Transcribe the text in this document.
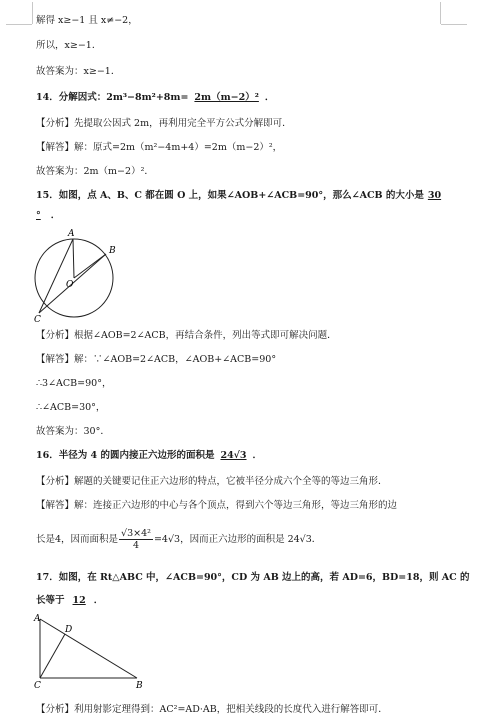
解得 x≥−1 且 x≠−2，
所以，x≥−1．
故答案为：x≥−1．
14．分解因式：2m³−8m²+8m= 2m（m−2）² ．
【分析】先提取公因式 2m，再利用完全平方公式分解即可．
【解答】解：原式=2m（m²−4m+4）=2m（m−2）²，
故答案为：2m（m−2）²．
15．如图，点 A、B、C 都在圆 O 上，如果∠AOB+∠ACB=90°，那么∠ACB 的大小是 30
° ．
A
B
O
C
【分析】根据∠AOB=2∠ACB，再结合条件，列出等式即可解决问题．
【解答】解：∵∠AOB=2∠ACB，∠AOB+∠ACB=90°
∴3∠ACB=90°，
∴∠ACB=30°，
故答案为：30°．
16．半径为 4 的圆内接正六边形的面积是 24√3 ．
【分析】解题的关键要记住正六边形的特点，它被半径分成六个全等的等边三角形．
【解答】解：连接正六边形的中心与各个顶点，得到六个等边三角形，等边三角形的边
长是4，因而面积是 $\frac{\text{√3×4²}}{4} =4√3$，因而正六边形的面积是 24√3．
17．如图，在 Rt△ABC 中，∠ACB=90°，CD 为 AB 边上的高，若 AD=6，BD=18，则 AC 的
长等于 12 ．
A
D
C	B
【分析】利用射影定理得到：AC²=AD·AB，把相关线段的长度代入进行解答即可．
